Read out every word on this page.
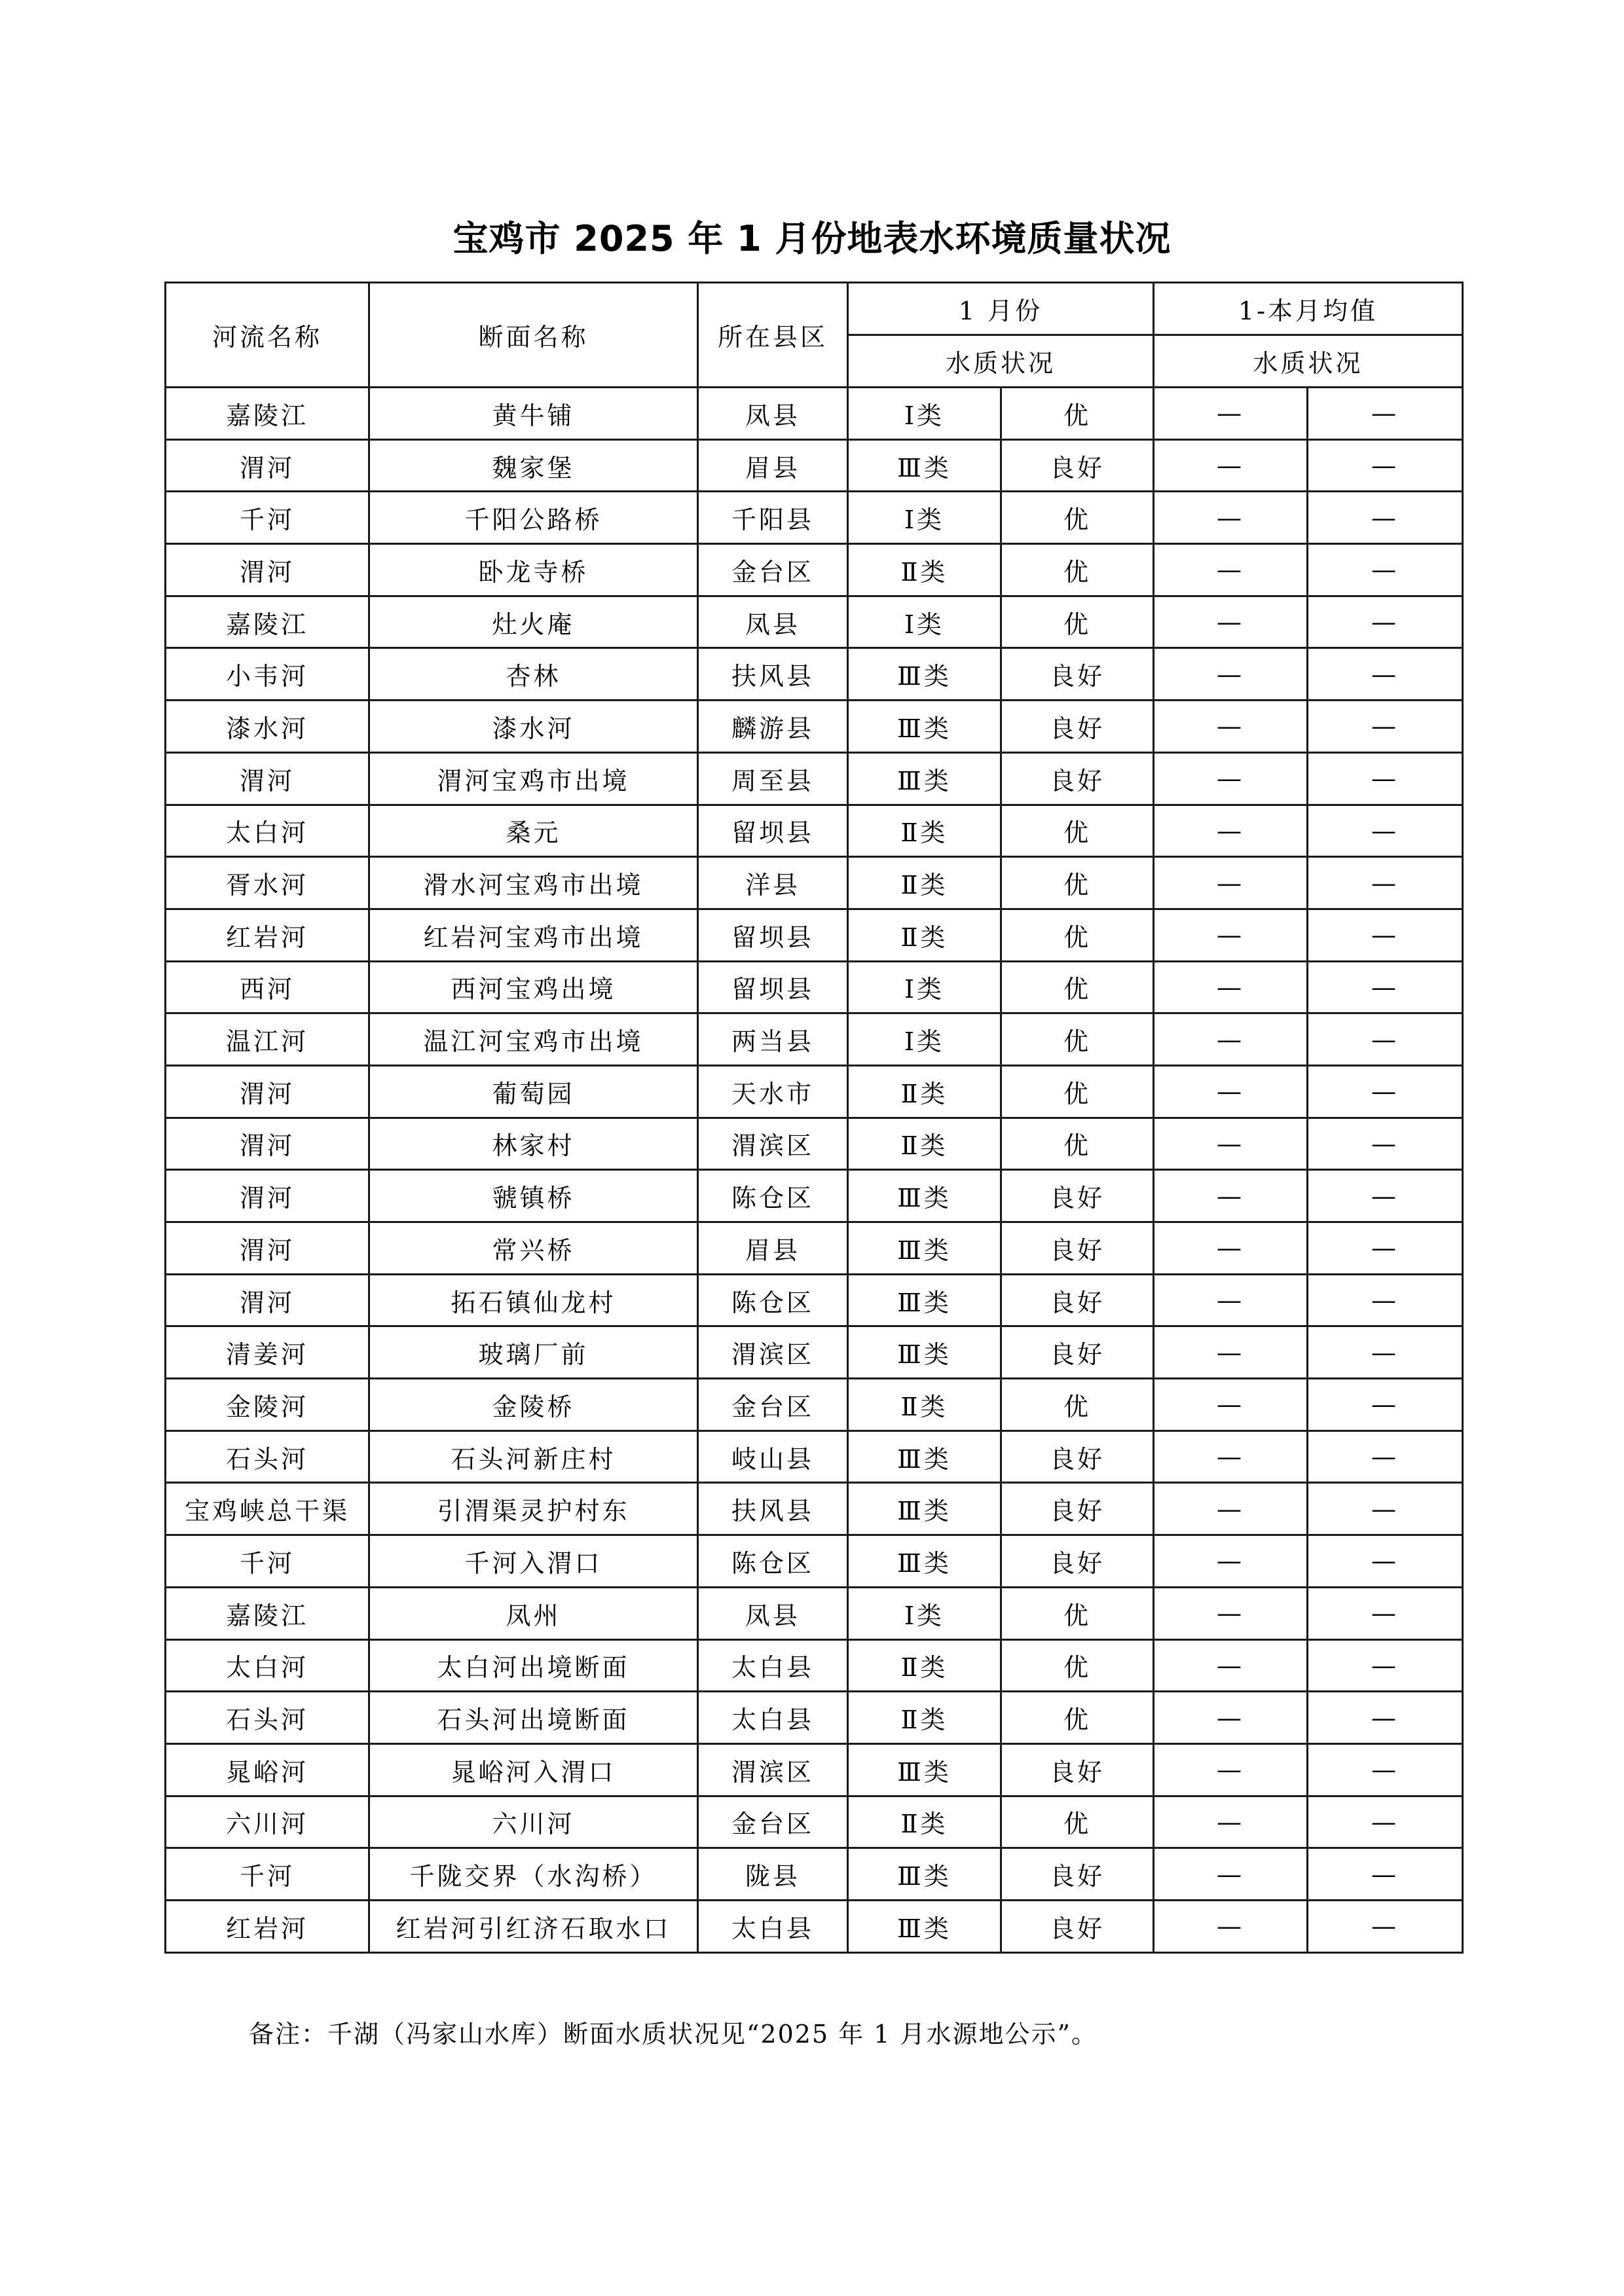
宝鸡市 2025 年 1 月份地表水环境质量状况
河流名称	断面名称	所在县区	1 月份		1-本月均值	
			水质状况		水质状况	
嘉陵江	黄牛铺	凤县	Ⅰ类	优	—	—
渭河	魏家堡	眉县	Ⅲ类	良好	—	—
千河	千阳公路桥	千阳县	Ⅰ类	优	—	—
渭河	卧龙寺桥	金台区	Ⅱ类	优	—	—
嘉陵江	灶火庵	凤县	Ⅰ类	优	—	—
小韦河	杏林	扶风县	Ⅲ类	良好	—	—
漆水河	漆水河	麟游县	Ⅲ类	良好	—	—
渭河	渭河宝鸡市出境	周至县	Ⅲ类	良好	—	—
太白河	桑元	留坝县	Ⅱ类	优	—	—
胥水河	滑水河宝鸡市出境	洋县	Ⅱ类	优	—	—
红岩河	红岩河宝鸡市出境	留坝县	Ⅱ类	优	—	—
西河	西河宝鸡出境	留坝县	Ⅰ类	优	—	—
温江河	温江河宝鸡市出境	两当县	Ⅰ类	优	—	—
渭河	葡萄园	天水市	Ⅱ类	优	—	—
渭河	林家村	渭滨区	Ⅱ类	优	—	—
渭河	虢镇桥	陈仓区	Ⅲ类	良好	—	—
渭河	常兴桥	眉县	Ⅲ类	良好	—	—
渭河	拓石镇仙龙村	陈仓区	Ⅲ类	良好	—	—
清姜河	玻璃厂前	渭滨区	Ⅲ类	良好	—	—
金陵河	金陵桥	金台区	Ⅱ类	优	—	—
石头河	石头河新庄村	岐山县	Ⅲ类	良好	—	—
宝鸡峡总干渠	引渭渠灵护村东	扶风县	Ⅲ类	良好	—	—
千河	千河入渭口	陈仓区	Ⅲ类	良好	—	—
嘉陵江	凤州	凤县	Ⅰ类	优	—	—
太白河	太白河出境断面	太白县	Ⅱ类	优	—	—
石头河	石头河出境断面	太白县	Ⅱ类	优	—	—
晁峪河	晁峪河入渭口	渭滨区	Ⅲ类	良好	—	—
六川河	六川河	金台区	Ⅱ类	优	—	—
千河	千陇交界（水沟桥）	陇县	Ⅲ类	良好	—	—
红岩河	红岩河引红济石取水口	太白县	Ⅲ类	良好	—	—
备注：千湖（冯家山水库）断面水质状况见“2025 年 1 月水源地公示”。
